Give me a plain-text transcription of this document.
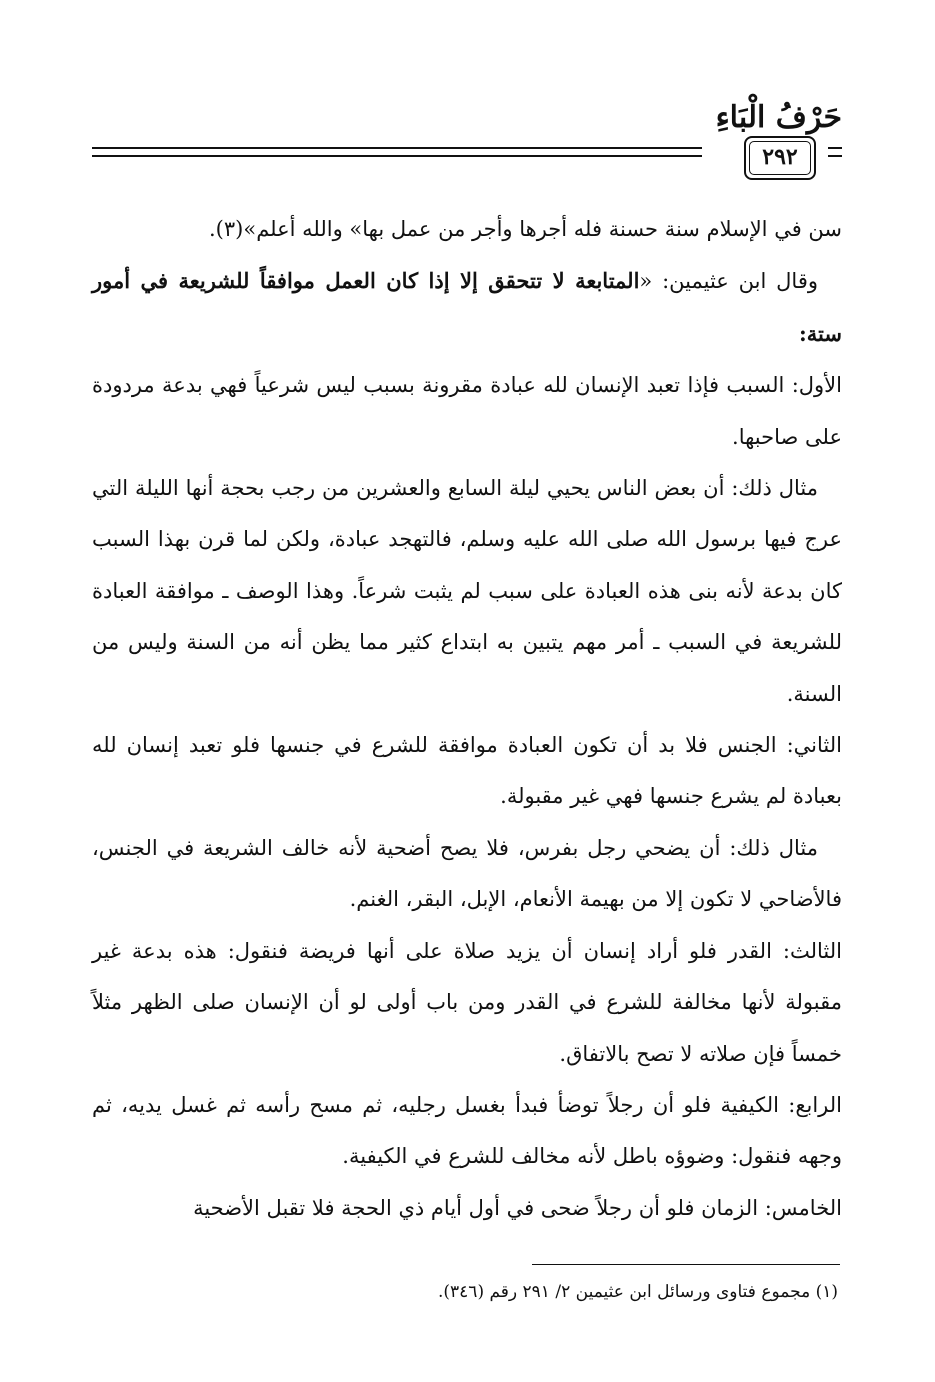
حَرْفُ الْبَاءِ
٢٩٢

سن في الإسلام سنة حسنة فله أجرها وأجر من عمل بها» والله أعلم»(٣).

وقال ابن عثيمين: «المتابعة لا تتحقق إلا إذا كان العمل موافقاً للشريعة في أمور ستة:

الأول: السبب فإذا تعبد الإنسان لله عبادة مقرونة بسبب ليس شرعياً فهي بدعة مردودة على صاحبها.

مثال ذلك: أن بعض الناس يحيي ليلة السابع والعشرين من رجب بحجة أنها الليلة التي عرج فيها برسول الله صلى الله عليه وسلم، فالتهجد عبادة، ولكن لما قرن بهذا السبب كان بدعة لأنه بنى هذه العبادة على سبب لم يثبت شرعاً. وهذا الوصف ـ موافقة العبادة للشريعة في السبب ـ أمر مهم يتبين به ابتداع كثير مما يظن أنه من السنة وليس من السنة.

الثاني: الجنس فلا بد أن تكون العبادة موافقة للشرع في جنسها فلو تعبد إنسان لله بعبادة لم يشرع جنسها فهي غير مقبولة.

مثال ذلك: أن يضحي رجل بفرس، فلا يصح أضحية لأنه خالف الشريعة في الجنس، فالأضاحي لا تكون إلا من بهيمة الأنعام، الإبل، البقر، الغنم.

الثالث: القدر فلو أراد إنسان أن يزيد صلاة على أنها فريضة فنقول: هذه بدعة غير مقبولة لأنها مخالفة للشرع في القدر ومن باب أولى لو أن الإنسان صلى الظهر مثلاً خمساً فإن صلاته لا تصح بالاتفاق.

الرابع: الكيفية فلو أن رجلاً توضأ فبدأ بغسل رجليه، ثم مسح رأسه ثم غسل يديه، ثم وجهه فنقول: وضوؤه باطل لأنه مخالف للشرع في الكيفية.

الخامس: الزمان فلو أن رجلاً ضحى في أول أيام ذي الحجة فلا تقبل الأضحية

(١) مجموع فتاوى ورسائل ابن عثيمين ٢/ ٢٩١ رقم (٣٤٦).
